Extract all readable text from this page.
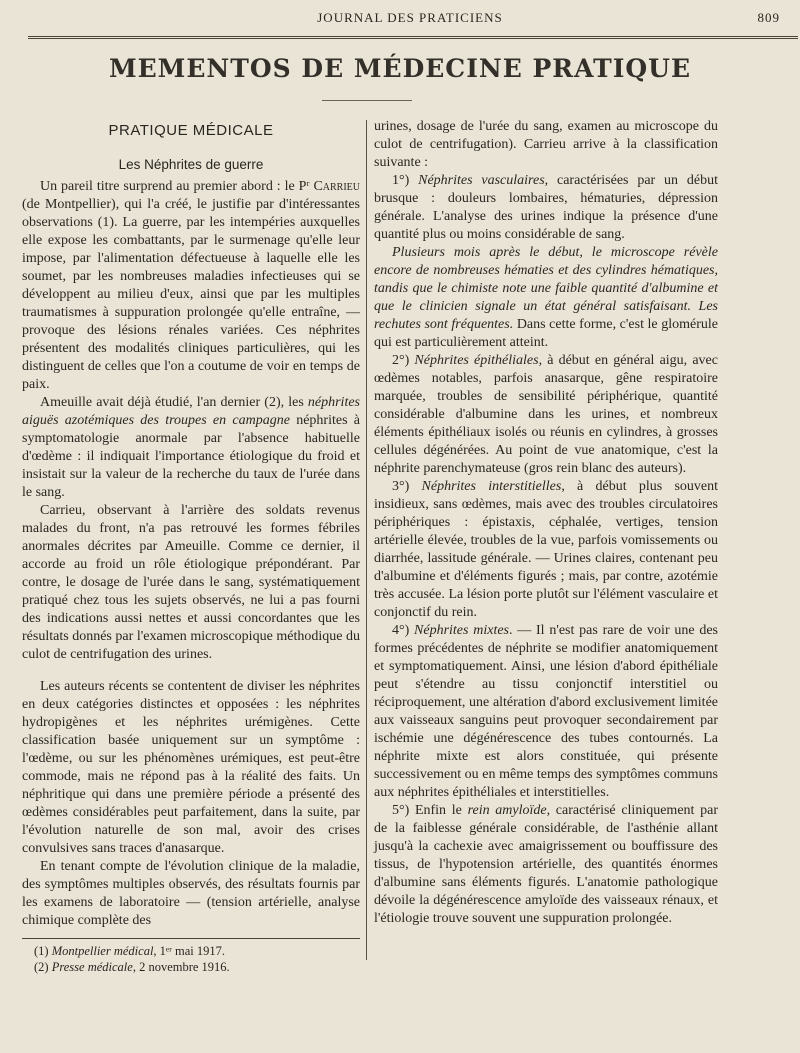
JOURNAL DES PRATICIENS	809
MEMENTOS DE MÉDECINE PRATIQUE
PRATIQUE MÉDICALE
Les Néphrites de guerre

Un pareil titre surprend au premier abord : le Pʳ Carrieu (de Montpellier), qui l'a créé, le justifie par d'intéressantes observations (1). La guerre, par les intempéries auxquelles elle expose les combattants, par le surmenage qu'elle leur impose, par l'alimentation défectueuse à laquelle elle les soumet, par les nombreuses maladies infectieuses qui se développent au milieu d'eux, ainsi que par les multiples traumatismes à suppuration prolongée qu'elle entraîne, — provoque des lésions rénales variées. Ces néphrites présentent des modalités cliniques particulières, qui les distinguent de celles que l'on a coutume de voir en temps de paix.

Ameuille avait déjà étudié, l'an dernier (2), les néphrites aiguës azotémiques des troupes en campagne néphrites à symptomatologie anormale par l'absence habituelle d'œdème : il indiquait l'importance étiologique du froid et insistait sur la valeur de la recherche du taux de l'urée dans le sang.

Carrieu, observant à l'arrière des soldats revenus malades du front, n'a pas retrouvé les formes fébriles anormales décrites par Ameuille. Comme ce dernier, il accorde au froid un rôle étiologique prépondérant. Par contre, le dosage de l'urée dans le sang, systématiquement pratiqué chez tous les sujets observés, ne lui a pas fourni des indications aussi nettes et aussi concordantes que les résultats donnés par l'examen microscopique méthodique du culot de centrifugation des urines.

Les auteurs récents se contentent de diviser les néphrites en deux catégories distinctes et opposées : les néphrites hydropigènes et les néphrites urémigènes. Cette classification basée uniquement sur un symptôme : l'œdème, ou sur les phénomènes urémiques, est peut-être commode, mais ne répond pas à la réalité des faits. Un néphritique qui dans une première période a présenté des œdèmes considérables peut parfaitement, dans la suite, par l'évolution naturelle de son mal, avoir des crises convulsives sans traces d'anasarque.

En tenant compte de l'évolution clinique de la maladie, des symptômes multiples observés, des résultats fournis par les examens de laboratoire — (tension artérielle, analyse chimique complète des

(1) Montpellier médical, 1ᵉʳ mai 1917.

(2) Presse médicale, 2 novembre 1916.

urines, dosage de l'urée du sang, examen au microscope du culot de centrifugation). Carrieu arrive à la classification suivante :

1°) Néphrites vasculaires, caractérisées par un début brusque : douleurs lombaires, hématuries, dépression générale. L'analyse des urines indique la présence d'une quantité plus ou moins considérable de sang.

Plusieurs mois après le début, le microscope révèle encore de nombreuses hématies et des cylindres hématiques, tandis que le chimiste note une faible quantité d'albumine et que le clinicien signale un état général satisfaisant. Les rechutes sont fréquentes. Dans cette forme, c'est le glomérule qui est particulièrement atteint.

2°) Néphrites épithéliales, à début en général aigu, avec œdèmes notables, parfois anasarque, gêne respiratoire marquée, troubles de sensibilité périphérique, quantité considérable d'albumine dans les urines, et nombreux éléments épithéliaux isolés ou réunis en cylindres, à grosses cellules dégénérées. Au point de vue anatomique, c'est la néphrite parenchymateuse (gros rein blanc des auteurs).

3°) Néphrites interstitielles, à début plus souvent insidieux, sans œdèmes, mais avec des troubles circulatoires périphériques : épistaxis, céphalée, vertiges, tension artérielle élevée, troubles de la vue, parfois vomissements ou diarrhée, lassitude générale. — Urines claires, contenant peu d'albumine et d'éléments figurés ; mais, par contre, azotémie très accusée. La lésion porte plutôt sur l'élément vasculaire et conjonctif du rein.

4°) Néphrites mixtes. — Il n'est pas rare de voir une des formes précédentes de néphrite se modifier anatomiquement et symptomatiquement. Ainsi, une lésion d'abord épithéliale peut s'étendre au tissu conjonctif interstitiel ou réciproquement, une altération d'abord exclusivement limitée aux vaisseaux sanguins peut provoquer secondairement par ischémie une dégénérescence des tubes contournés. La néphrite mixte est alors constituée, qui présente successivement ou en même temps des symptômes communs aux néphrites épithéliales et interstitielles.

5°) Enfin le rein amyloïde, caractérisé cliniquement par de la faiblesse générale considérable, de l'asthénie allant jusqu'à la cachexie avec amaigrissement ou bouffissure des tissus, de l'hypotension artérielle, des quantités énormes d'albumine sans éléments figurés. L'anatomie pathologique dévoile la dégénérescence amyloïde des vaisseaux rénaux, et l'étiologie trouve souvent une suppuration prolongée.
